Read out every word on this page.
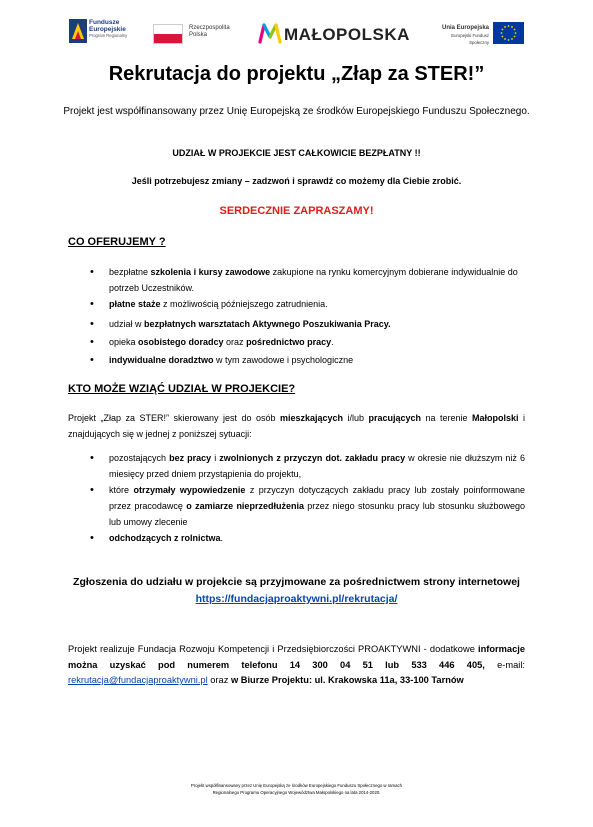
Fundusze
Europejskie
Program Regionalny
Rzeczpospolita
Polska	MAŁOPOLSKA	Unia Europejska
Europejski Fundusz Społeczny
Rekrutacja do projektu „Złap za STER!”
Projekt jest współfinansowany przez Unię Europejską ze środków Europejskiego Funduszu Społecznego.
UDZIAŁ W PROJEKCIE JEST CAŁKOWICIE BEZPŁATNY !!
Jeśli potrzebujesz zmiany – zadzwoń i sprawdź co możemy dla Ciebie zrobić.
SERDECZNIE ZAPRASZAMY!
CO OFERUJEMY ?
• bezpłatne szkolenia i kursy zawodowe zakupione na rynku komercyjnym dobierane indywidualnie do potrzeb Uczestników.
• płatne staże z możliwością późniejszego zatrudnienia.
• udział w bezpłatnych warsztatach Aktywnego Poszukiwania Pracy.
• opieka osobistego doradcy oraz pośrednictwo pracy.
• indywidualne doradztwo w tym zawodowe i psychologiczne
KTO MOŻE WZIĄĆ UDZIAŁ W PROJEKCIE?
Projekt „Złap za STER!” skierowany jest do osób mieszkających i/lub pracujących na terenie Małopolski i znajdujących się w jednej z poniższej sytuacji:
• pozostających bez pracy i zwolnionych z przyczyn dot. zakładu pracy w okresie nie dłuższym niż 6 miesięcy przed dniem przystąpienia do projektu,
• które otrzymały wypowiedzenie z przyczyn dotyczących zakładu pracy lub zostały poinformowane przez pracodawcę o zamiarze nieprzedłużenia przez niego stosunku pracy lub stosunku służbowego lub umowy zlecenie
• odchodzących z rolnictwa.
Zgłoszenia do udziału w projekcie są przyjmowane za pośrednictwem strony internetowej https://fundacjaproaktywni.pl/rekrutacja/
Projekt realizuje Fundacja Rozwoju Kompetencji i Przedsiębiorczości PROAKTYWNI - dodatkowe informacje można uzyskać pod numerem telefonu 14 300 04 51 lub 533 446 405, e-mail: rekrutacja@fundacjaproaktywni.pl oraz w Biurze Projektu: ul. Krakowska 11a, 33-100 Tarnów
Projekt współfinansowany przez Unię Europejską ze środków Europejskiego Funduszu Społecznego w ramach
Regionalnego Programu Operacyjnego Województwa Małopolskiego na lata 2014-2020.
